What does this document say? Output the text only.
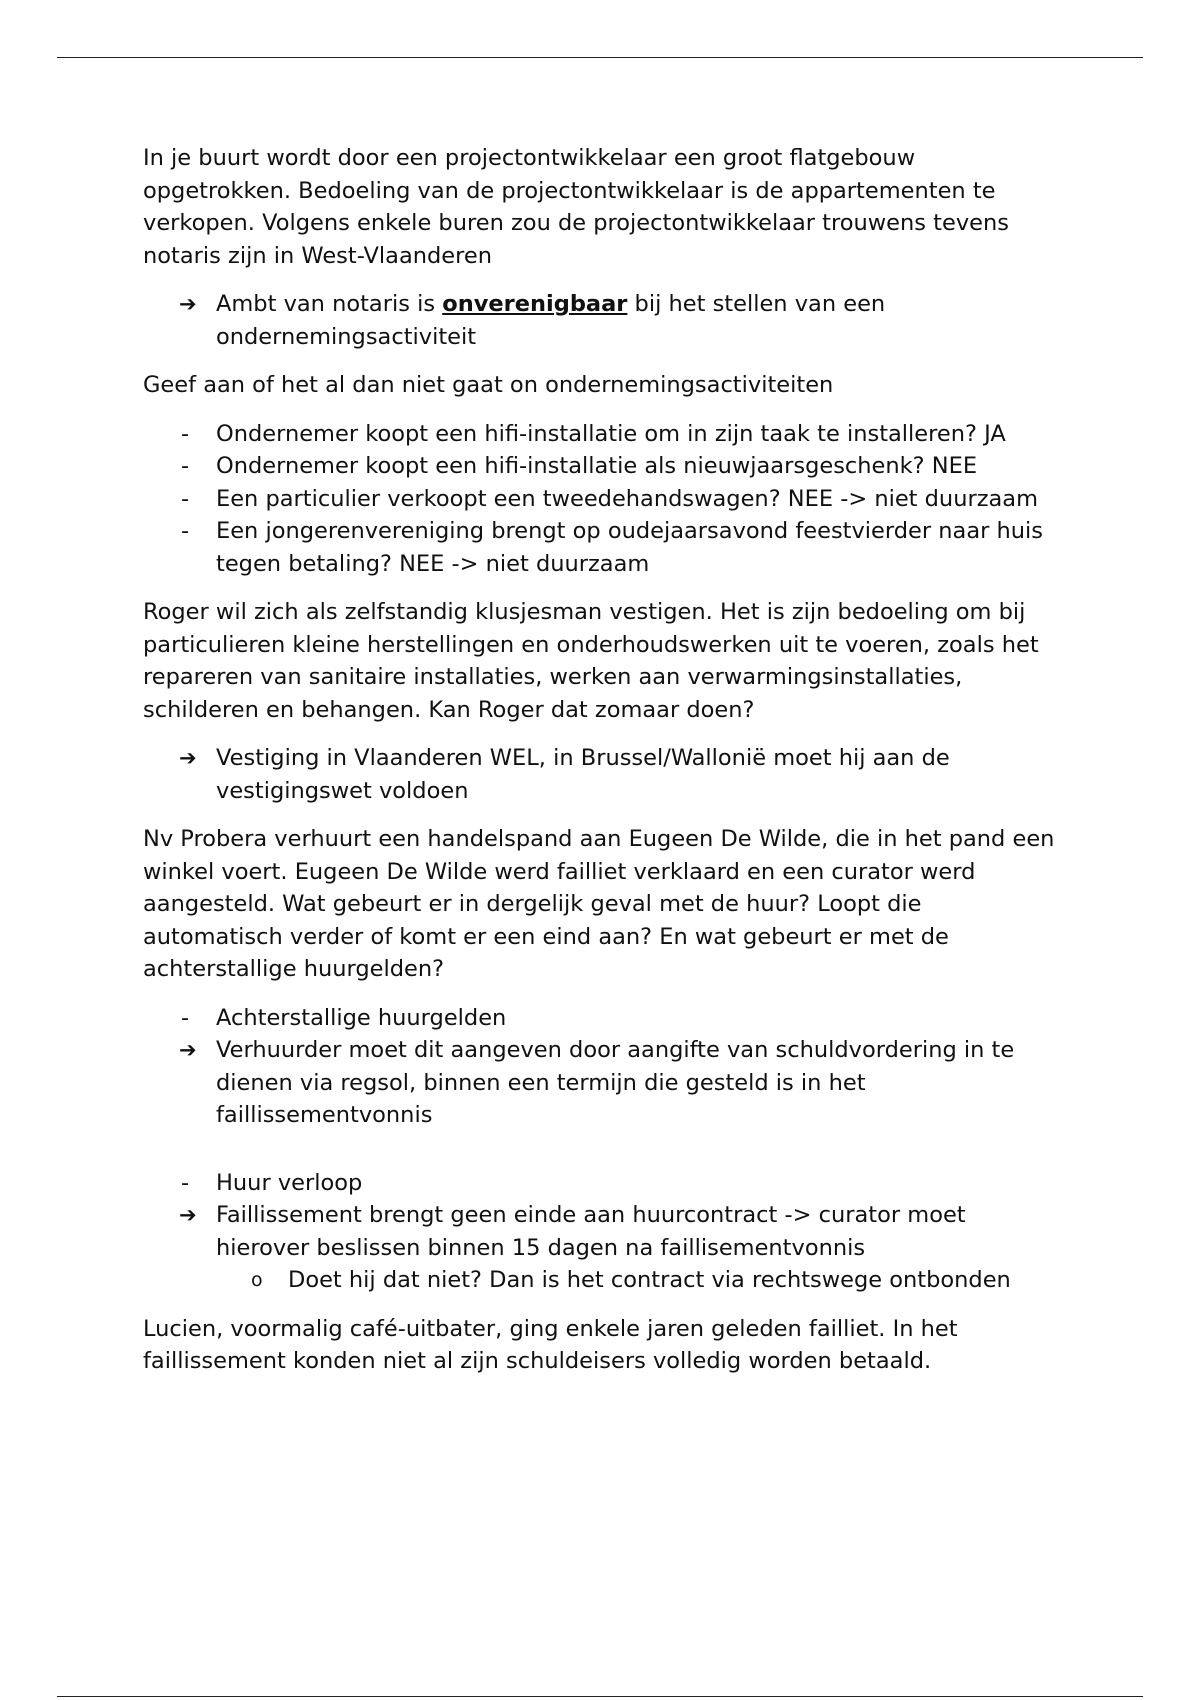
In je buurt wordt door een projectontwikkelaar een groot flatgebouw opgetrokken. Bedoeling van de projectontwikkelaar is de appartementen te verkopen. Volgens enkele buren zou de projectontwikkelaar trouwens tevens notaris zijn in West-Vlaanderen

➔ Ambt van notaris is onverenigbaar bij het stellen van een ondernemingsactiviteit

Geef aan of het al dan niet gaat on ondernemingsactiviteiten

-	Ondernemer koopt een hifi-installatie om in zijn taak te installeren? JA
-	Ondernemer koopt een hifi-installatie als nieuwjaarsgeschenk? NEE
-	Een particulier verkoopt een tweedehandswagen? NEE -> niet duurzaam
-	Een jongerenvereniging brengt op oudejaarsavond feestvierder naar huis tegen betaling? NEE -> niet duurzaam

Roger wil zich als zelfstandig klusjesman vestigen. Het is zijn bedoeling om bij particulieren kleine herstellingen en onderhoudswerken uit te voeren, zoals het repareren van sanitaire installaties, werken aan verwarmingsinstallaties, schilderen en behangen. Kan Roger dat zomaar doen?

➔ Vestiging in Vlaanderen WEL, in Brussel/Wallonië moet hij aan de vestigingswet voldoen

Nv Probera verhuurt een handelspand aan Eugeen De Wilde, die in het pand een winkel voert. Eugeen De Wilde werd failliet verklaard en een curator werd aangesteld. Wat gebeurt er in dergelijk geval met de huur? Loopt die automatisch verder of komt er een eind aan? En wat gebeurt er met de achterstallige huurgelden?

-	Achterstallige huurgelden
➔ Verhuurder moet dit aangeven door aangifte van schuldvordering in te dienen via regsol, binnen een termijn die gesteld is in het faillissementvonnis
-	Huur verloop
➔ Faillissement brengt geen einde aan huurcontract -> curator moet hierover beslissen binnen 15 dagen na faillisementvonnis
o	Doet hij dat niet? Dan is het contract via rechtswege ontbonden

Lucien, voormalig café-uitbater, ging enkele jaren geleden failliet. In het faillissement konden niet al zijn schuldeisers volledig worden betaald.
